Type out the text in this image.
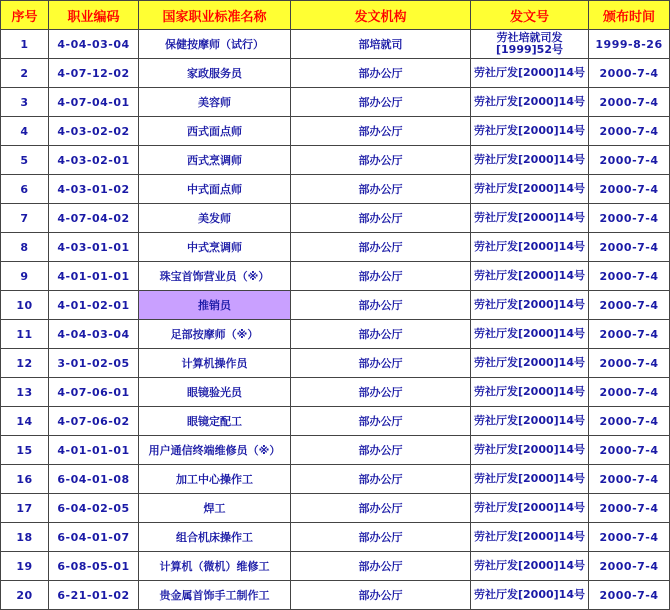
序号	职业编码	国家职业标准名称	发文机构	发文号	颁布时间
1	4-04-03-04	保健按摩师（试行）	部培就司	劳社培就司发[1999]52号	1999-8-26
2	4-07-12-02	家政服务员	部办公厅	劳社厅发[2000]14号	2000-7-4
3	4-07-04-01	美容师	部办公厅	劳社厅发[2000]14号	2000-7-4
4	4-03-02-02	西式面点师	部办公厅	劳社厅发[2000]14号	2000-7-4
5	4-03-02-01	西式烹调师	部办公厅	劳社厅发[2000]14号	2000-7-4
6	4-03-01-02	中式面点师	部办公厅	劳社厅发[2000]14号	2000-7-4
7	4-07-04-02	美发师	部办公厅	劳社厅发[2000]14号	2000-7-4
8	4-03-01-01	中式烹调师	部办公厅	劳社厅发[2000]14号	2000-7-4
9	4-01-01-01	珠宝首饰营业员（※）	部办公厅	劳社厅发[2000]14号	2000-7-4
10	4-01-02-01	推销员	部办公厅	劳社厅发[2000]14号	2000-7-4
11	4-04-03-04	足部按摩师（※）	部办公厅	劳社厅发[2000]14号	2000-7-4
12	3-01-02-05	计算机操作员	部办公厅	劳社厅发[2000]14号	2000-7-4
13	4-07-06-01	眼镜验光员	部办公厅	劳社厅发[2000]14号	2000-7-4
14	4-07-06-02	眼镜定配工	部办公厅	劳社厅发[2000]14号	2000-7-4
15	4-01-01-01	用户通信终端维修员（※）	部办公厅	劳社厅发[2000]14号	2000-7-4
16	6-04-01-08	加工中心操作工	部办公厅	劳社厅发[2000]14号	2000-7-4
17	6-04-02-05	焊工	部办公厅	劳社厅发[2000]14号	2000-7-4
18	6-04-01-07	组合机床操作工	部办公厅	劳社厅发[2000]14号	2000-7-4
19	6-08-05-01	计算机（微机）维修工	部办公厅	劳社厅发[2000]14号	2000-7-4
20	6-21-01-02	贵金属首饰手工制作工	部办公厅	劳社厅发[2000]14号	2000-7-4
